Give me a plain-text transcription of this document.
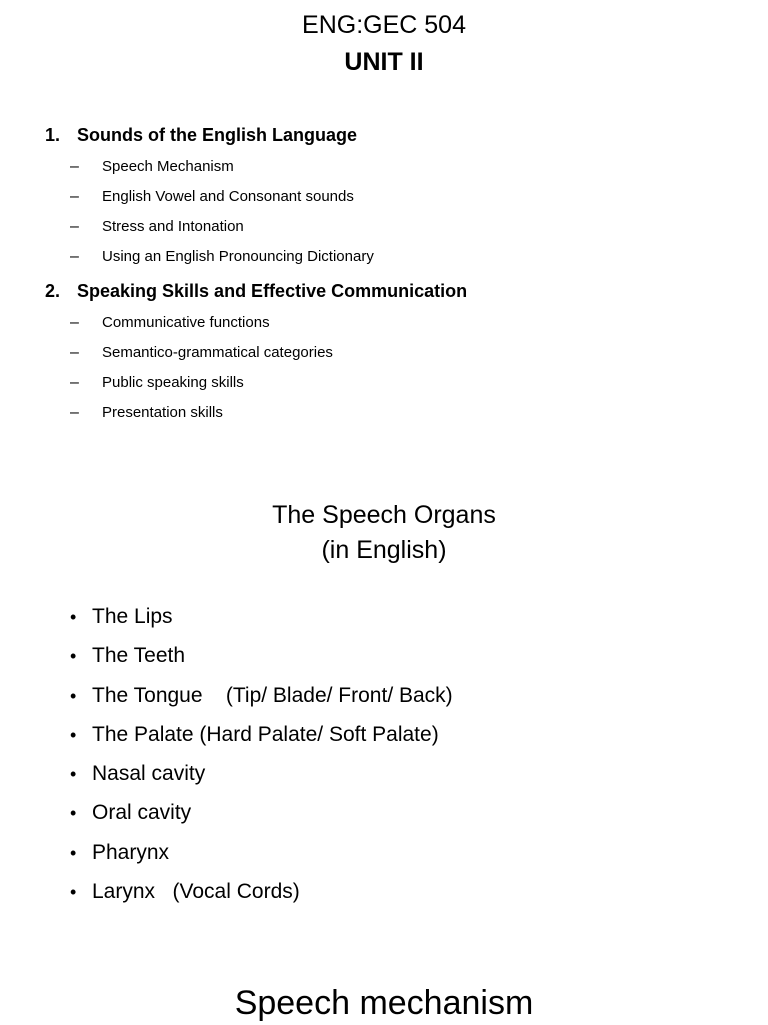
ENG:GEC 504
UNIT II
1. Sounds of the English Language
– Speech Mechanism
– English Vowel and Consonant sounds
– Stress and Intonation
– Using an English Pronouncing Dictionary
2. Speaking Skills and Effective Communication
– Communicative functions
– Semantico-grammatical categories
– Public speaking skills
– Presentation skills
The Speech Organs
(in English)
• The Lips
• The Teeth
• The Tongue    (Tip/ Blade/ Front/ Back)
• The Palate (Hard Palate/ Soft Palate)
• Nasal cavity
• Oral cavity
• Pharynx
• Larynx   (Vocal Cords)
Speech mechanism
